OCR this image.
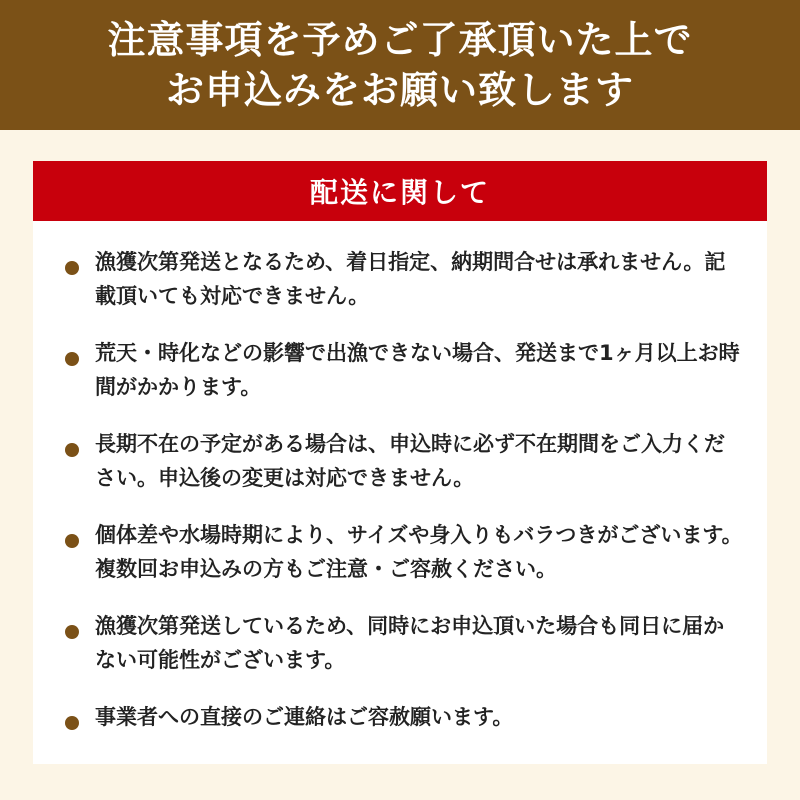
注意事項を予めご了承頂いた上で
お申込みをお願い致します
配送に関して
漁獲次第発送となるため、着日指定、納期問合せは承れません。記載頂いても対応できません。
荒天・時化などの影響で出漁できない場合、発送まで1ヶ月以上お時間がかかります。
長期不在の予定がある場合は、申込時に必ず不在期間をご入力ください。申込後の変更は対応できません。
個体差や水場時期により、サイズや身入りもバラつきがございます。複数回お申込みの方もご注意・ご容赦ください。
漁獲次第発送しているため、同時にお申込頂いた場合も同日に届かない可能性がございます。
事業者への直接のご連絡はご容赦願います。
